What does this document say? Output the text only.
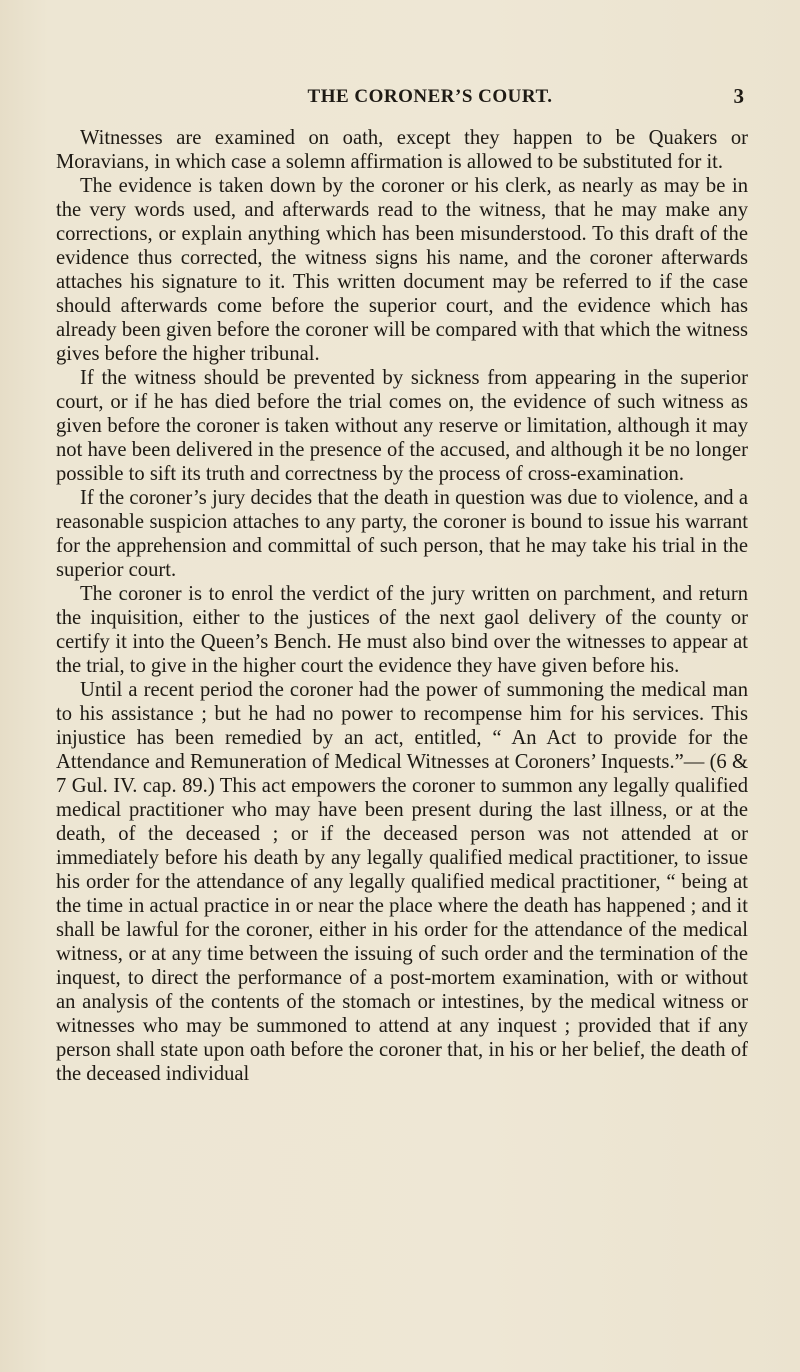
THE CORONER’S COURT.	3

Witnesses are examined on oath, except they happen to be Quakers or Moravians, in which case a solemn affirmation is allowed to be substituted for it.

The evidence is taken down by the coroner or his clerk, as nearly as may be in the very words used, and afterwards read to the witness, that he may make any corrections, or explain anything which has been misunderstood. To this draft of the evidence thus corrected, the witness signs his name, and the coroner afterwards attaches his signature to it. This written document may be referred to if the case should afterwards come before the superior court, and the evidence which has already been given before the coroner will be compared with that which the witness gives before the higher tribunal.

If the witness should be prevented by sickness from appearing in the superior court, or if he has died before the trial comes on, the evidence of such witness as given before the coroner is taken without any reserve or limitation, although it may not have been delivered in the presence of the accused, and although it be no longer possible to sift its truth and correctness by the process of cross-examination.

If the coroner’s jury decides that the death in question was due to violence, and a reasonable suspicion attaches to any party, the coroner is bound to issue his warrant for the apprehension and committal of such person, that he may take his trial in the superior court.

The coroner is to enrol the verdict of the jury written on parchment, and return the inquisition, either to the justices of the next gaol delivery of the county or certify it into the Queen’s Bench. He must also bind over the witnesses to appear at the trial, to give in the higher court the evidence they have given before his.

Until a recent period the coroner had the power of summoning the medical man to his assistance ; but he had no power to recompense him for his services. This injustice has been remedied by an act, entitled, “ An Act to provide for the Attendance and Remuneration of Medical Witnesses at Coroners’ Inquests.”— (6 & 7 Gul. IV. cap. 89.) This act empowers the coroner to summon any legally qualified medical practitioner who may have been present during the last illness, or at the death, of the deceased ; or if the deceased person was not attended at or immediately before his death by any legally qualified medical practitioner, to issue his order for the attendance of any legally qualified medical practitioner, “ being at the time in actual practice in or near the place where the death has happened ; and it shall be lawful for the coroner, either in his order for the attendance of the medical witness, or at any time between the issuing of such order and the termination of the inquest, to direct the performance of a post-mortem examination, with or without an analysis of the contents of the stomach or intestines, by the medical witness or witnesses who may be summoned to attend at any inquest ; provided that if any person shall state upon oath before the coroner that, in his or her belief, the death of the deceased individual
